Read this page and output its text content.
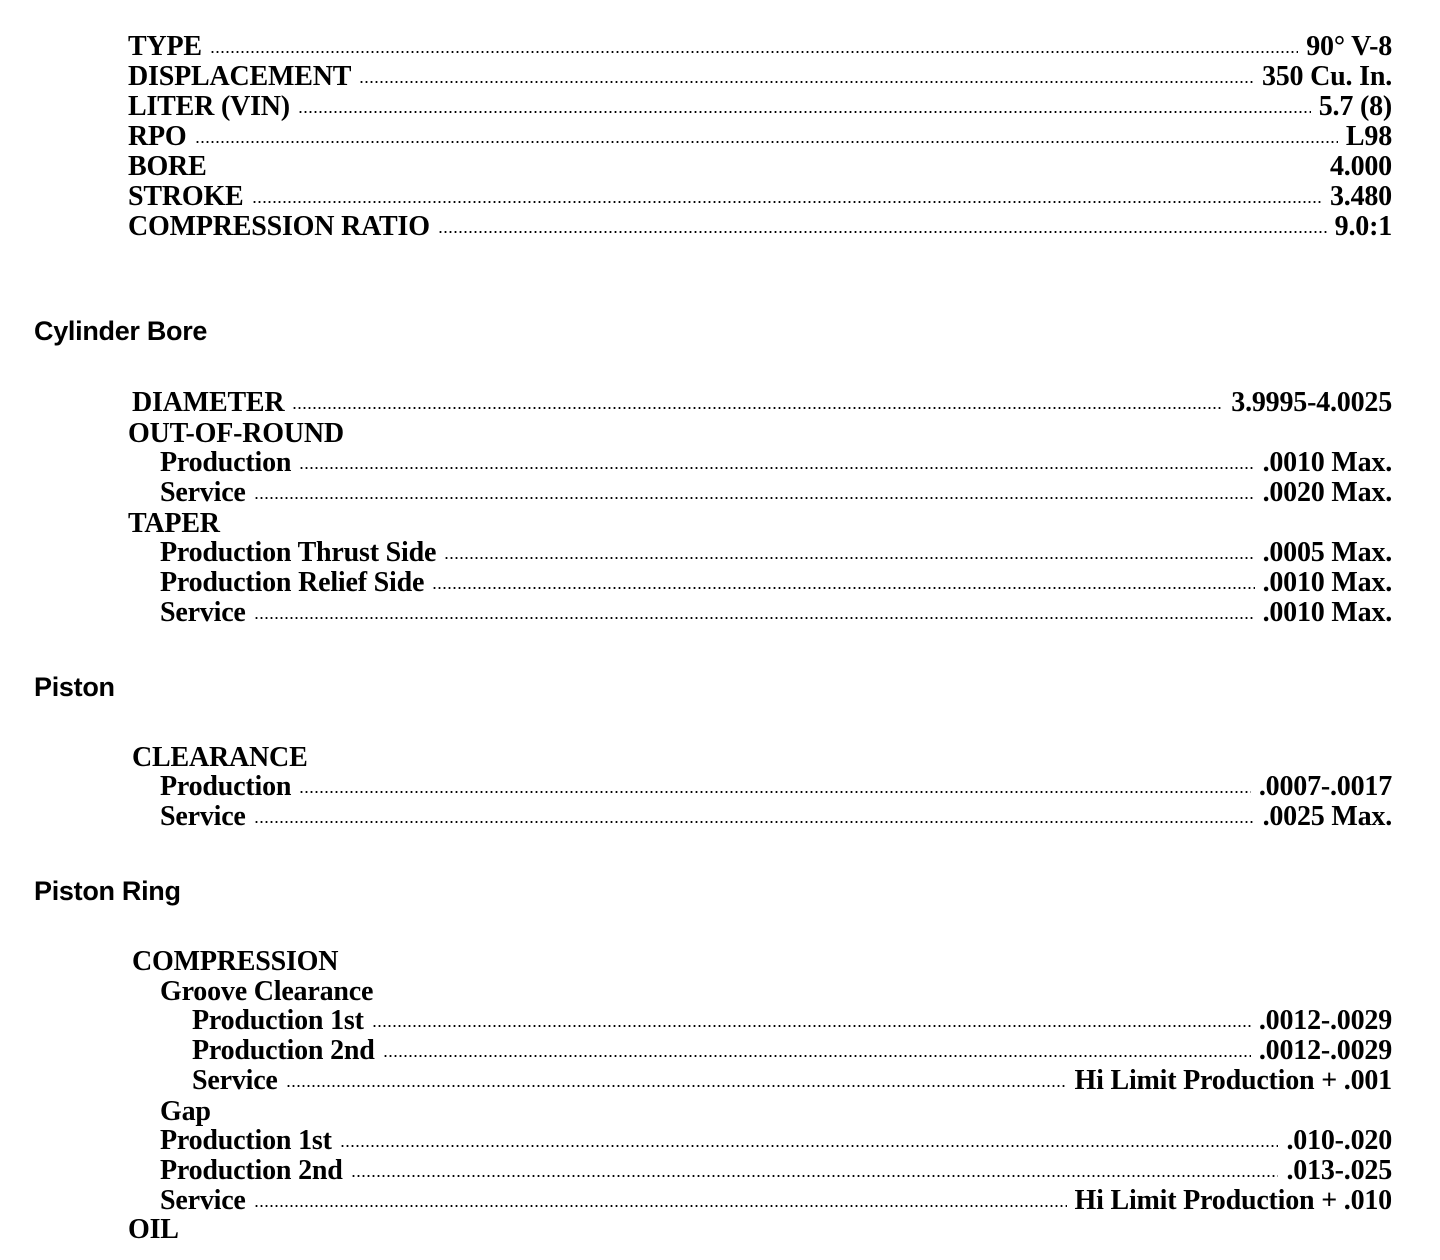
TYPE	90° V-8
DISPLACEMENT	350 Cu. In.
LITER (VIN)	5.7 (8)
RPO	L98
BORE	4.000
STROKE	3.480
COMPRESSION RATIO	9.0:1
Cylinder Bore
DIAMETER	3.9995-4.0025
OUT-OF-ROUND
Production	.0010 Max.
Service	.0020 Max.
TAPER
Production Thrust Side	.0005 Max.
Production Relief Side	.0010 Max.
Service	.0010 Max.
Piston
CLEARANCE
Production	.0007-.0017
Service	.0025 Max.
Piston Ring
COMPRESSION
Groove Clearance
Production 1st	.0012-.0029
Production 2nd	.0012-.0029
Service	Hi Limit Production + .001
Gap
Production 1st	.010-.020
Production 2nd	.013-.025
Service	Hi Limit Production + .010
OIL
